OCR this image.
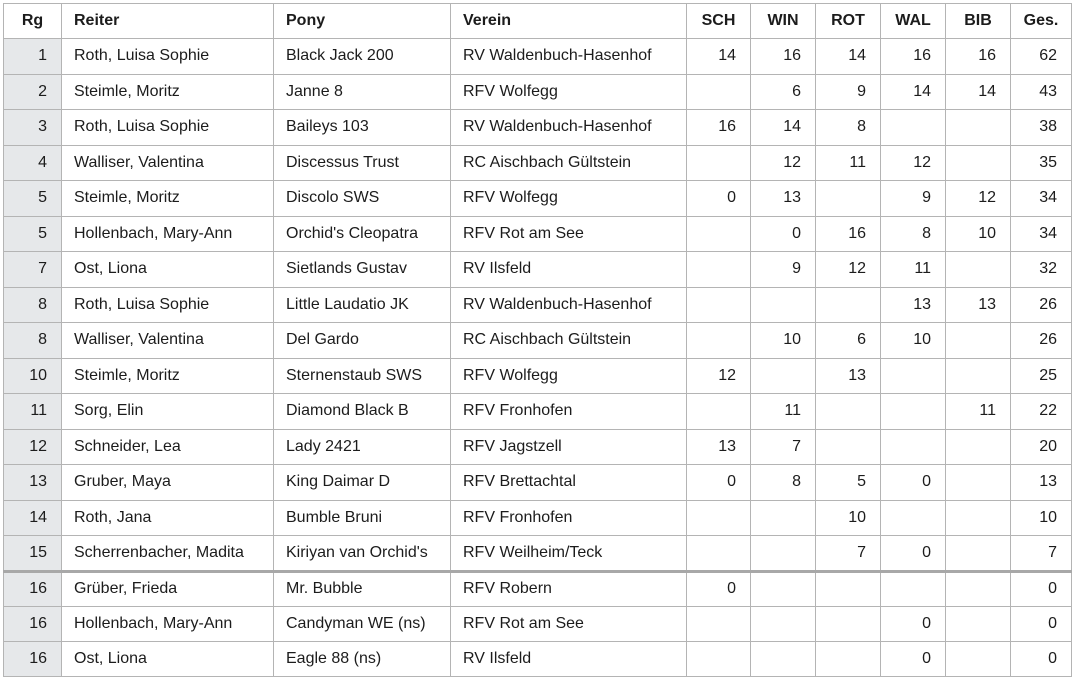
Rg	Reiter	Pony	Verein	SCH	WIN	ROT	WAL	BIB	Ges.
1	Roth, Luisa Sophie	Black Jack 200	RV Waldenbuch-Hasenhof	14	16	14	16	16	62
2	Steimle, Moritz	Janne 8	RFV Wolfegg		6	9	14	14	43
3	Roth, Luisa Sophie	Baileys 103	RV Waldenbuch-Hasenhof	16	14	8			38
4	Walliser, Valentina	Discessus Trust	RC Aischbach Gültstein		12	11	12		35
5	Steimle, Moritz	Discolo SWS	RFV Wolfegg	0	13		9	12	34
5	Hollenbach, Mary-Ann	Orchid's Cleopatra	RFV Rot am See		0	16	8	10	34
7	Ost, Liona	Sietlands Gustav	RV Ilsfeld		9	12	11		32
8	Roth, Luisa Sophie	Little Laudatio JK	RV Waldenbuch-Hasenhof				13	13	26
8	Walliser, Valentina	Del Gardo	RC Aischbach Gültstein		10	6	10		26
10	Steimle, Moritz	Sternenstaub SWS	RFV Wolfegg	12		13			25
11	Sorg, Elin	Diamond Black B	RFV Fronhofen		11			11	22
12	Schneider, Lea	Lady 2421	RFV Jagstzell	13	7				20
13	Gruber, Maya	King Daimar D	RFV Brettachtal	0	8	5	0		13
14	Roth, Jana	Bumble Bruni	RFV Fronhofen			10			10
15	Scherrenbacher, Madita	Kiriyan van Orchid's	RFV Weilheim/Teck			7	0		7
16	Grüber, Frieda	Mr. Bubble	RFV Robern	0					0
16	Hollenbach, Mary-Ann	Candyman WE (ns)	RFV Rot am See				0		0
16	Ost, Liona	Eagle 88 (ns)	RV Ilsfeld				0		0
